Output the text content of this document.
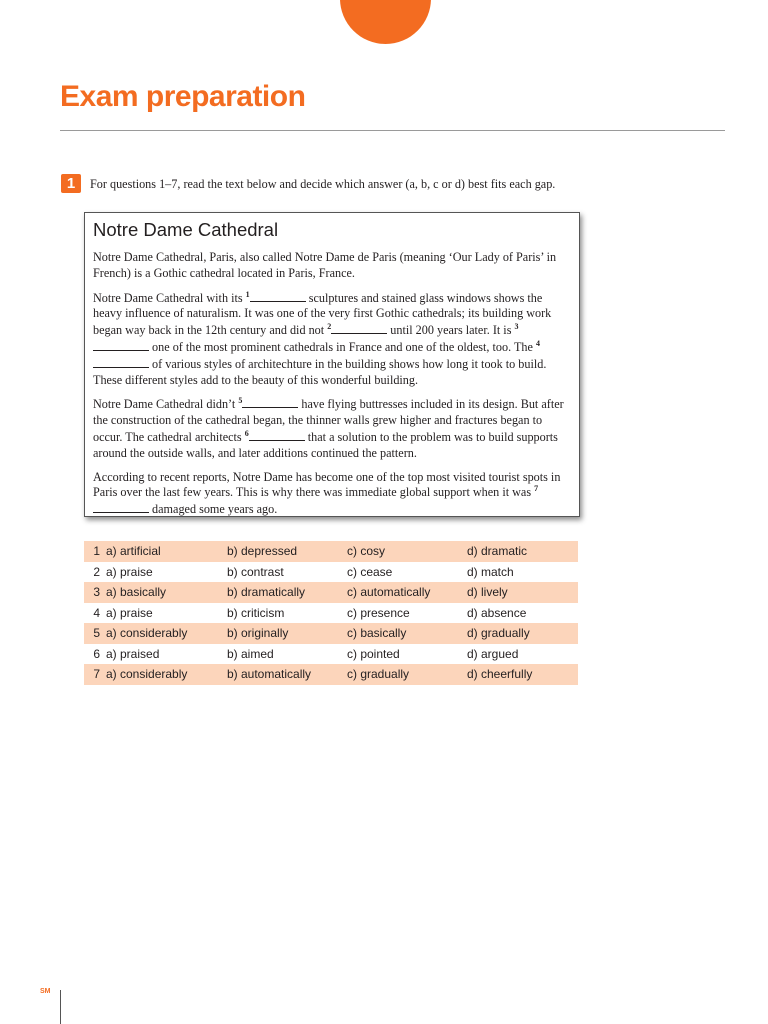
Exam preparation
1	For questions 1–7, read the text below and decide which answer (a, b, c or d) best fits each gap.
Notre Dame Cathedral

Notre Dame Cathedral, Paris, also called Notre Dame de Paris (meaning ‘Our Lady of Paris’ in French) is a Gothic cathedral located in Paris, France.

Notre Dame Cathedral with its $^1$	sculptures and stained glass windows shows the heavy influence of naturalism. It was one of the very first Gothic cathedrals; its building work began way back in the 12th century and did not $^2$	until 200 years later. It is $^3$ one of the most prominent cathedrals in France and one of the oldest, too. The $^4$ of various styles of architechture in the building shows how long it took to build. These different styles add to the beauty of this wonderful building.

Notre Dame Cathedral didn’t $^5$	have flying buttresses included in its design. But after the construction of the cathedral began, the thinner walls grew higher and fractures began to occur. The cathedral architects $^6$	that a solution to the problem was to build supports around the outside walls, and later additions continued the pattern.

According to recent reports, Notre Dame has become one of the top most visited tourist spots in Paris over the last few years. This is why there was immediate global support when it was $^7$ damaged some years ago.

1	a) artificial	b) depressed	c) cosy	d) dramatic
2	a) praise	b) contrast	c) cease	d) match
3	a) basically	b) dramatically	c) automatically	d) lively
4	a) praise	b) criticism	c) presence	d) absence
5	a) considerably	b) originally	c) basically	d) gradually
6	a) praised	b) aimed	c) pointed	d) argued
7	a) considerably	b) automatically	c) gradually	d) cheerfully
SM
